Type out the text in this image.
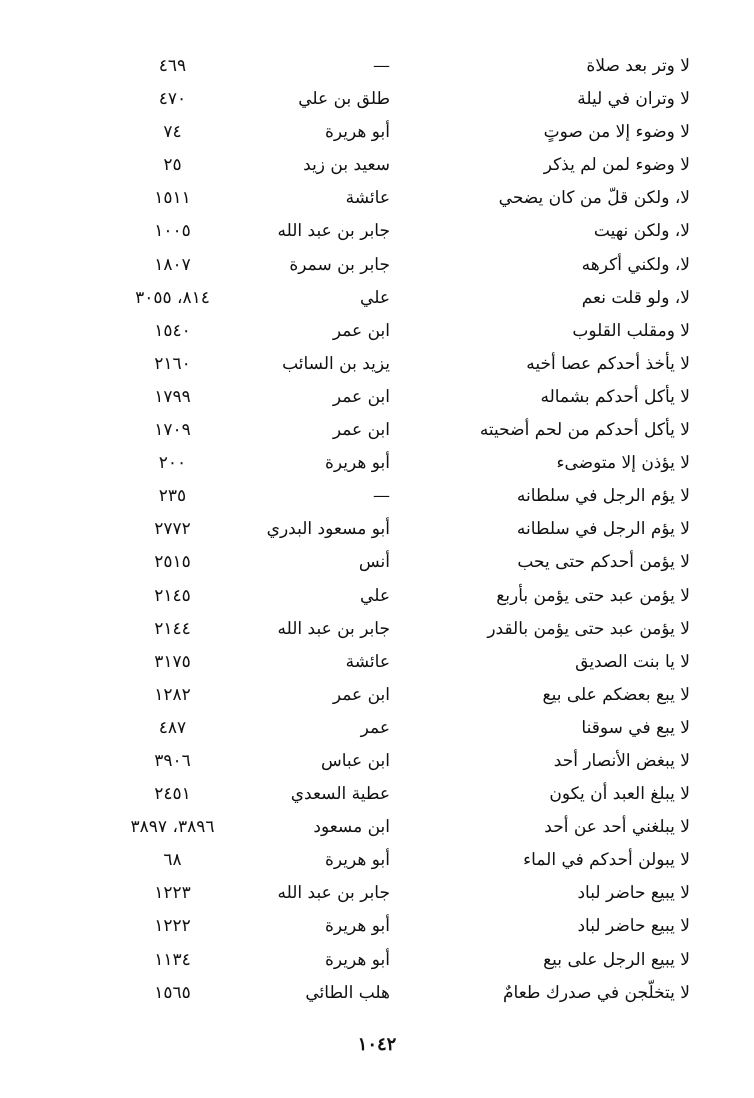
لا وتر بعد صلاة
—
٤٦٩
لا وتران في ليلة
طلق بن علي
٤٧٠
لا وضوء إلا من صوتٍ
أبو هريرة
٧٤
لا وضوء لمن لم يذكر
سعيد بن زيد
٢٥
لا، ولكن قلّ من كان يضحي
عائشة
١٥١١
لا، ولكن نهيت
جابر بن عبد الله
١٠٠٥
لا، ولكني أكرهه
جابر بن سمرة
١٨٠٧
لا، ولو قلت نعم
علي
٨١٤، ٣٠٥٥
لا ومقلب القلوب
ابن عمر
١٥٤٠
لا يأخذ أحدكم عصا أخيه
يزيد بن السائب
٢١٦٠
لا يأكل أحدكم بشماله
ابن عمر
١٧٩٩
لا يأكل أحدكم من لحم أضحيته
ابن عمر
١٧٠٩
لا يؤذن إلا متوضىء
أبو هريرة
٢٠٠
لا يؤم الرجل في سلطانه
—
٢٣٥
لا يؤم الرجل في سلطانه
أبو مسعود البدري
٢٧٧٢
لا يؤمن أحدكم حتى يحب
أنس
٢٥١٥
لا يؤمن عبد حتى يؤمن بأربع
علي
٢١٤٥
لا يؤمن عبد حتى يؤمن بالقدر
جابر بن عبد الله
٢١٤٤
لا يا بنت الصديق
عائشة
٣١٧٥
لا يبع بعضكم على بيع
ابن عمر
١٢٨٢
لا يبع في سوقنا
عمر
٤٨٧
لا يبغض الأنصار أحد
ابن عباس
٣٩٠٦
لا يبلغ العبد أن يكون
عطية السعدي
٢٤٥١
لا يبلغني أحد عن أحد
ابن مسعود
٣٨٩٦، ٣٨٩٧
لا يبولن أحدكم في الماء
أبو هريرة
٦٨
لا يبيع حاضر لباد
جابر بن عبد الله
١٢٢٣
لا يبيع حاضر لباد
أبو هريرة
١٢٢٢
لا يبيع الرجل على بيع
أبو هريرة
١١٣٤
لا يتخلّجن في صدرك طعامٌ
هلب الطائي
١٥٦٥
١٠٤٢
